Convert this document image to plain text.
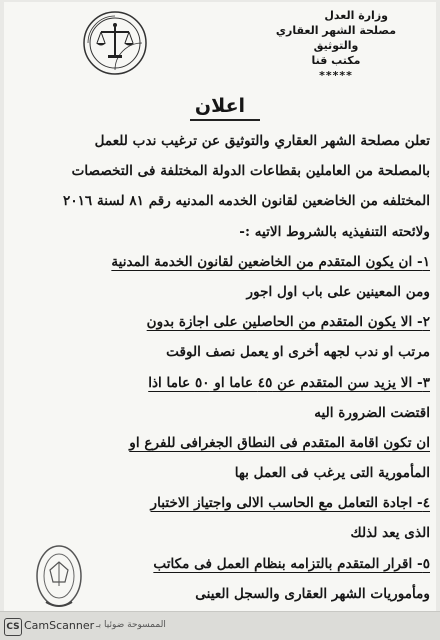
وزارة العدل
مصلحة الشهر العقاري والتوثيق
مكتب قنا
*****
اعلان
تعلن مصلحة الشهر العقاري والتوثيق عن ترغيب ندب للعمل
بالمصلحة من العاملين بقطاعات الدولة المختلفة فى التخصصات
المختلفه من الخاضعين لقانون الخدمه المدنيه رقم ٨١ لسنة ٢٠١٦
ولائحته التنفيذيه بالشروط الاتيه :-
١- ان يكون المتقدم من الخاضعين لقانون الخدمة المدنية
ومن المعينين على باب اول اجور
٢- الا يكون المتقدم من الحاصلين على اجازة بدون
مرتب او ندب لجهه أخرى او يعمل نصف الوقت
٣- الا يزيد سن المتقدم عن ٤٥ عاما او ٥٠ عاما اذا
اقتضت الضرورة اليه
ان تكون اقامة المتقدم فى النطاق الجغرافى للفرع او
المأمورية التى يرغب فى العمل بها
٤- اجادة التعامل مع الحاسب الالى واجتياز الاختبار
الذى يعد لذلك
٥- اقرار المتقدم بالتزامه بنظام العمل فى مكاتب
ومأموريات الشهر العقارى والسجل العينى
CS CamScanner الممسوحة ضوئيا بـ
